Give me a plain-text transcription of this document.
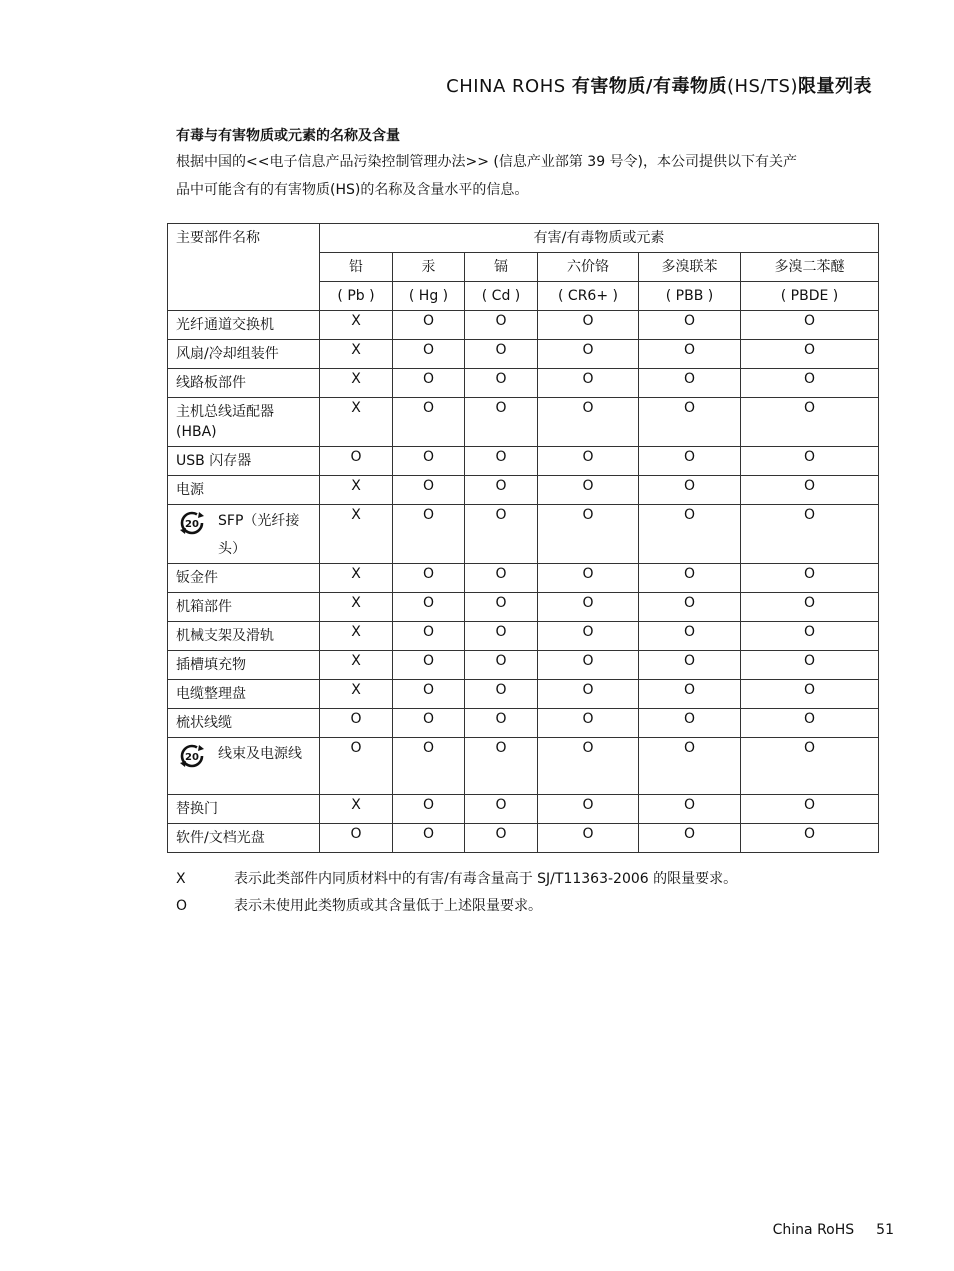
CHINA ROHS 有害物质/有毒物质(HS/TS)限量列表
有毒与有害物质或元素的名称及含量

根据中国的<<电子信息产品污染控制管理办法>> (信息产业部第 39 号令)，本公司提供以下有关产

品中可能含有的有害物质(HS)的名称及含量水平的信息。

主要部件名称	有害/有毒物质或元素					
	铅	汞	镉	六价铬	多溴联苯	多溴二苯醚
	( Pb )	( Hg )	( Cd )	( CR6+ )	( PBB )	( PBDE )
光纤通道交换机	X	O	O	O	O	O
风扇/冷却组装件	X	O	O	O	O	O
线路板部件	X	O	O	O	O	O
主机总线适配器 (HBA)	X	O	O	O	O	O
USB 闪存器	O	O	O	O	O	O
电源	X	O	O	O	O	O

20 SFP（光纤接头）	X	O	O	O	O	O
钣金件	X	O	O	O	O	O
机箱部件	X	O	O	O	O	O
机械支架及滑轨	X	O	O	O	O	O
插槽填充物	X	O	O	O	O	O
电缆整理盘	X	O	O	O	O	O
梳状线缆	O	O	O	O	O	O

20 线束及电源线	O	O	O	O	O	O
替换门	X	O	O	O	O	O
软件/文档光盘	O	O	O	O	O	O
X	表示此类部件内同质材料中的有害/有毒含量高于 SJ/T11363-2006 的限量要求。
O	表示未使用此类物质或其含量低于上述限量要求。
China RoHS 51
